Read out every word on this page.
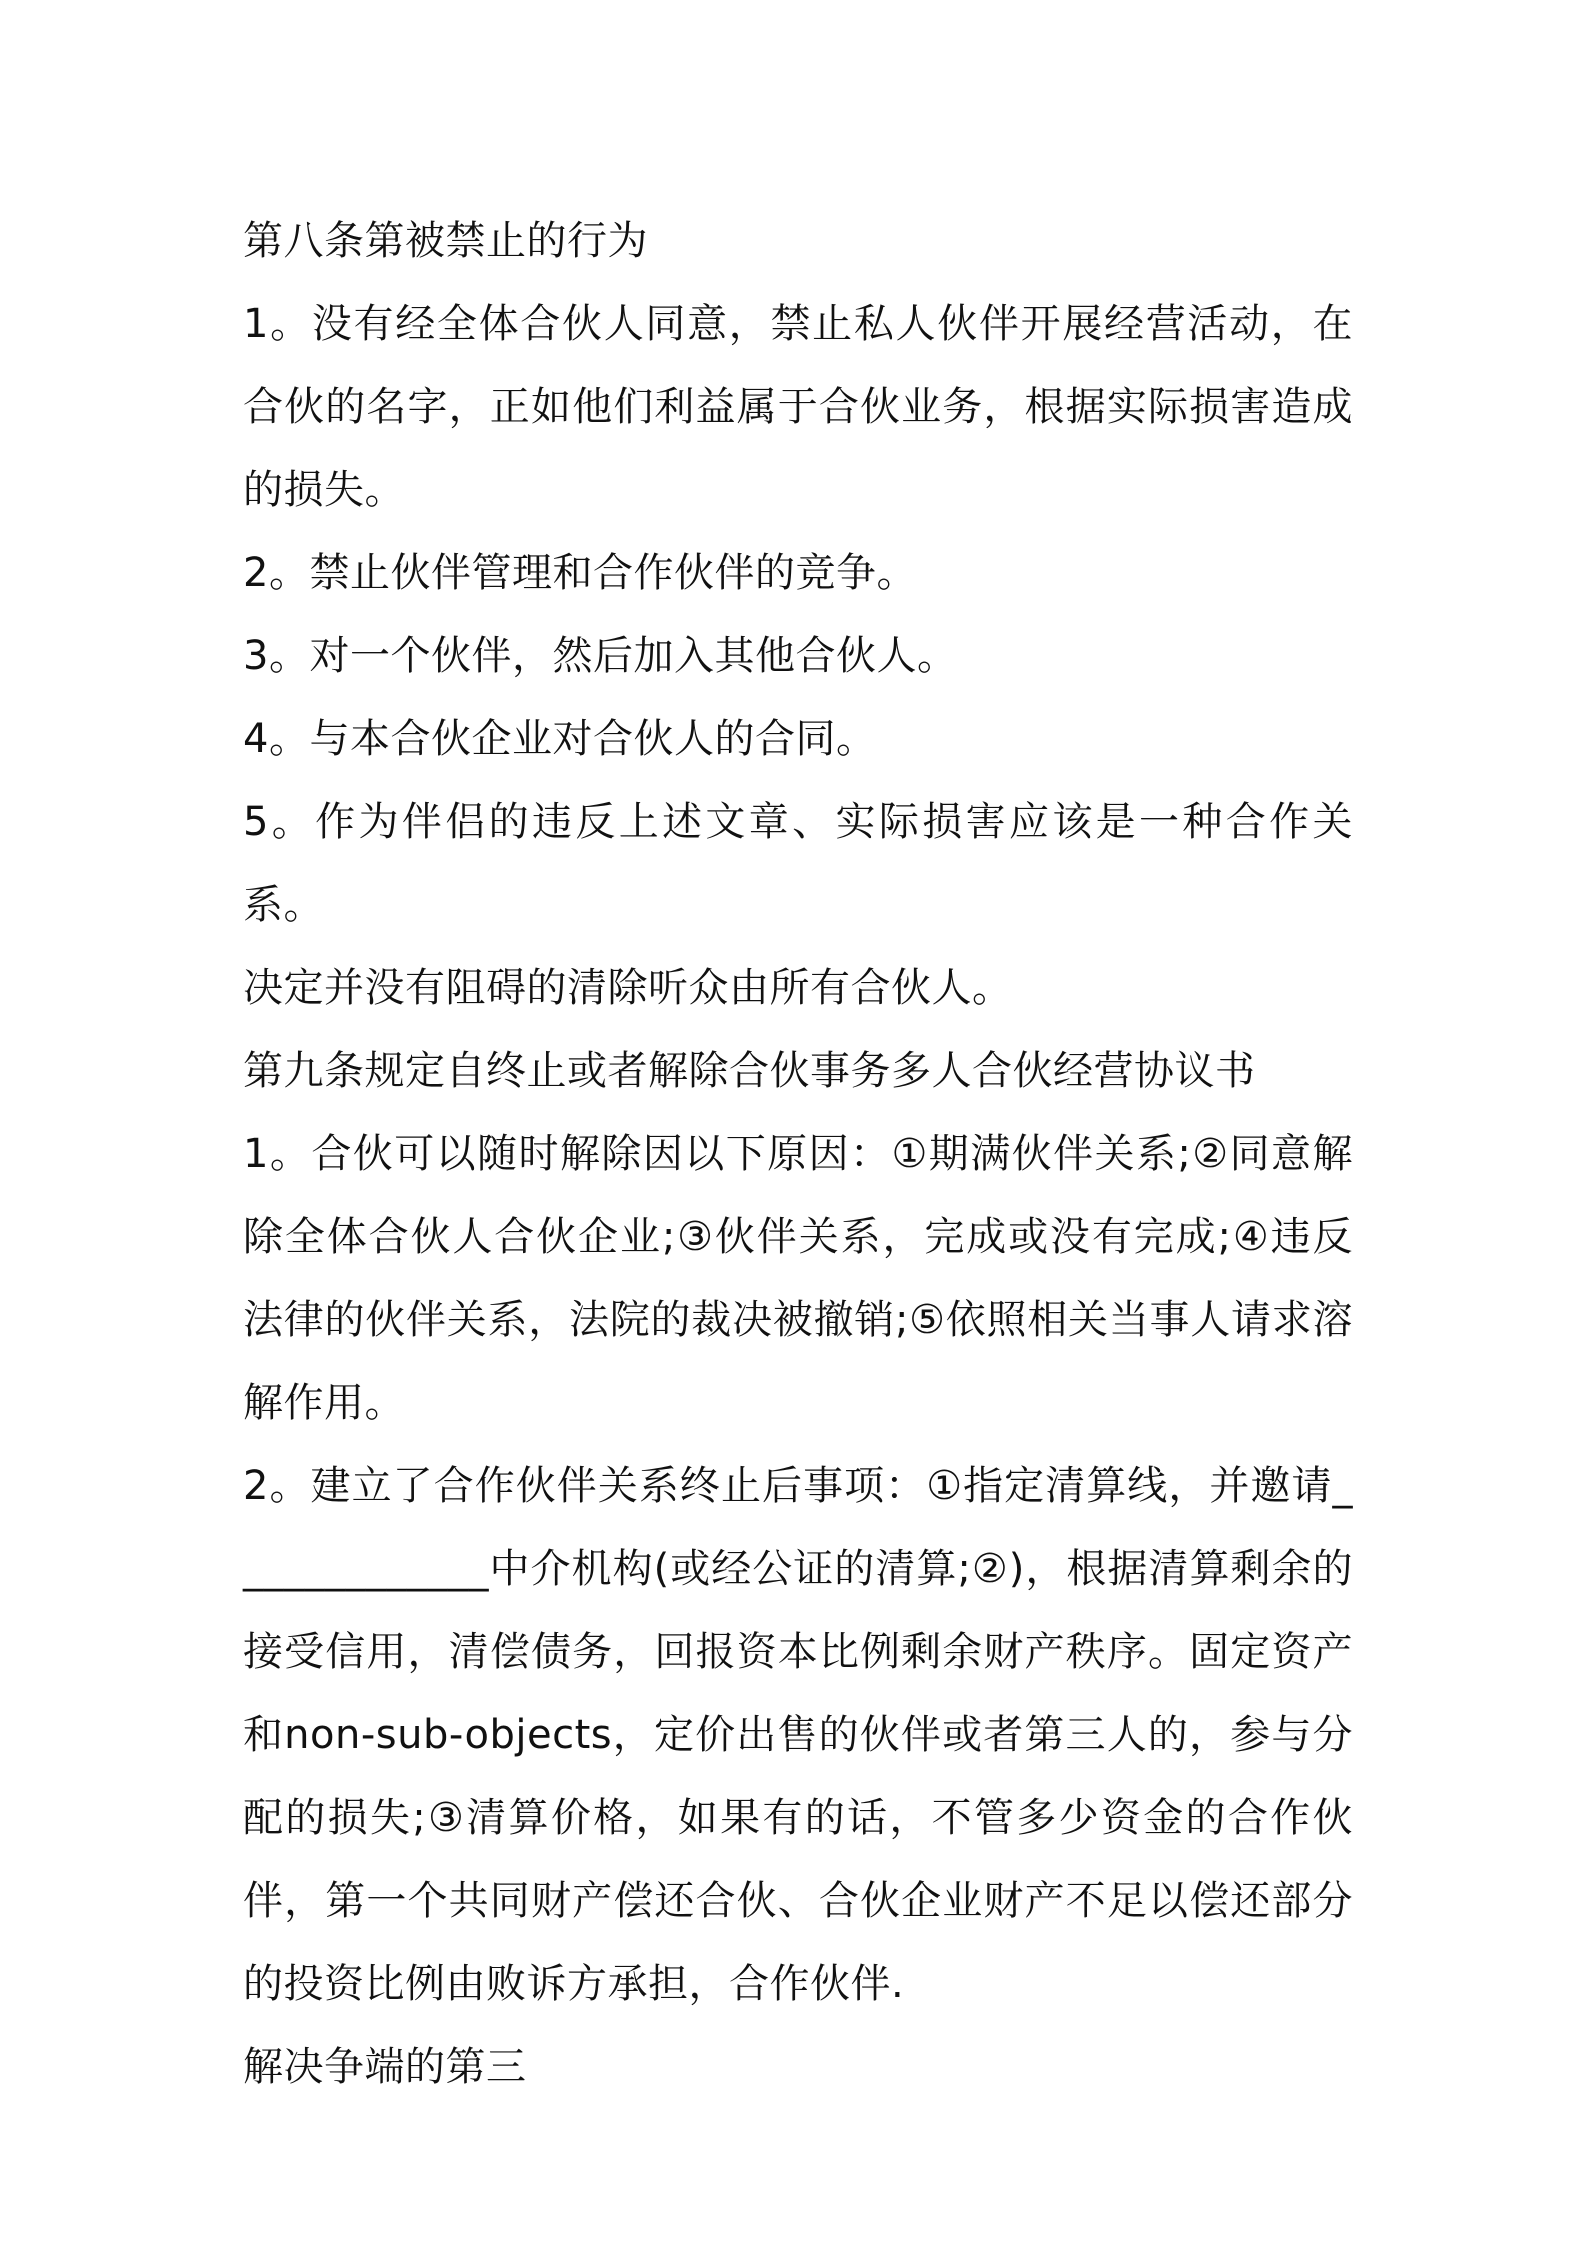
第八条第被禁止的行为

1。没有经全体合伙人同意，禁止私人伙伴开展经营活动，在合伙的名字，正如他们利益属于合伙业务，根据实际损害造成的损失。

2。禁止伙伴管理和合作伙伴的竞争。

3。对一个伙伴，然后加入其他合伙人。

4。与本合伙企业对合伙人的合同。

5。作为伴侣的违反上述文章、实际损害应该是一种合作关系。

决定并没有阻碍的清除听众由所有合伙人。

第九条规定自终止或者解除合伙事务多人合伙经营协议书

1。合伙可以随时解除因以下原因：①期满伙伴关系;②同意解除全体合伙人合伙企业;③伙伴关系，完成或没有完成;④违反法律的伙伴关系，法院的裁决被撤销;⑤依照相关当事人请求溶解作用。

2。建立了合作伙伴关系终止后事项：①指定清算线，并邀请_____________中介机构(或经公证的清算;②)，根据清算剩余的接受信用，清偿债务，回报资本比例剩余财产秩序。固定资产和non-sub-objects，定价出售的伙伴或者第三人的，参与分配的损失;③清算价格，如果有的话，不管多少资金的合作伙伴，第一个共同财产偿还合伙、合伙企业财产不足以偿还部分的投资比例由败诉方承担，合作伙伴.

解决争端的第三
